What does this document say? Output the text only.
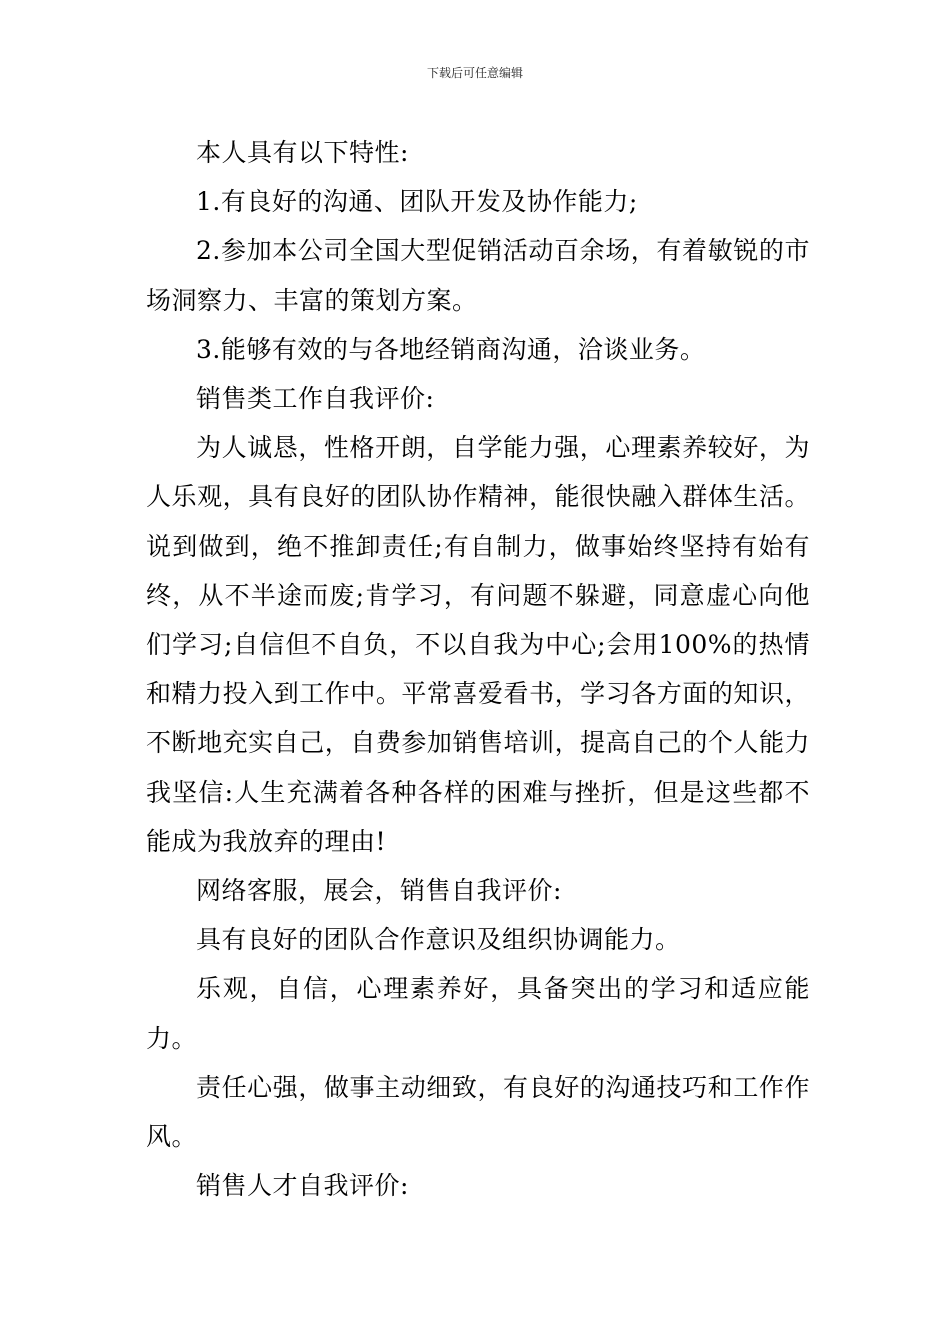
下载后可任意编辑

本人具有以下特性:

1.有良好的沟通、团队开发及协作能力;

2.参加本公司全国大型促销活动百余场，有着敏锐的市场洞察力、丰富的策划方案。

3.能够有效的与各地经销商沟通，洽谈业务。

销售类工作自我评价:

为人诚恳，性格开朗，自学能力强，心理素养较好，为人乐观，具有良好的团队协作精神，能很快融入群体生活。说到做到，绝不推卸责任;有自制力，做事始终坚持有始有终，从不半途而废;肯学习，有问题不躲避，同意虚心向他们学习;自信但不自负，不以自我为中心;会用100%的热情和精力投入到工作中。平常喜爱看书，学习各方面的知识，不断地充实自己，自费参加销售培训，提高自己的个人能力我坚信:人生充满着各种各样的困难与挫折，但是这些都不能成为我放弃的理由!

网络客服，展会，销售自我评价:

具有良好的团队合作意识及组织协调能力。

乐观，自信，心理素养好，具备突出的学习和适应能力。

责任心强，做事主动细致，有良好的沟通技巧和工作作风。

销售人才自我评价:
